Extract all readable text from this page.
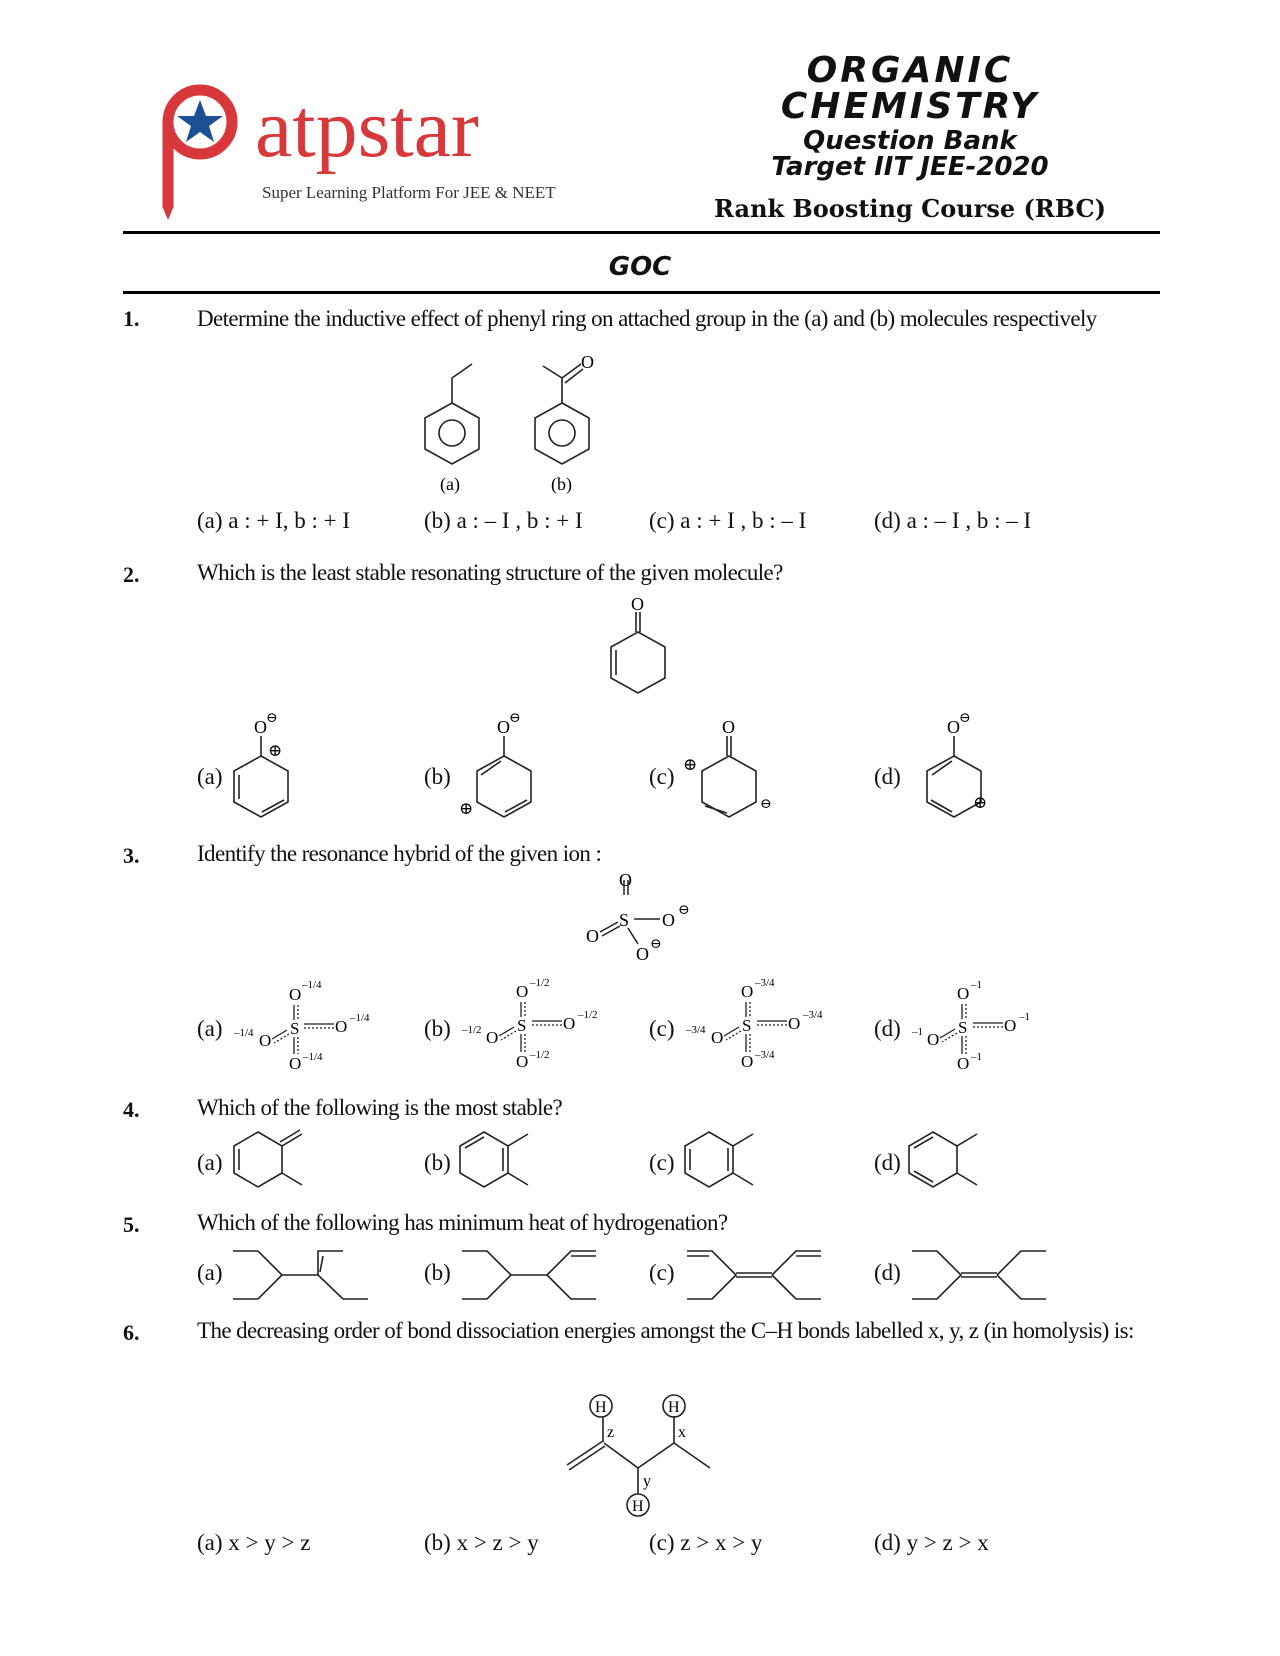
atpstar
Super Learning Platform For JEE & NEET
ORGANIC
CHEMISTRY
Question Bank
Target IIT JEE-2020
Rank Boosting Course (RBC)
GOC
1.	Determine the inductive effect of phenyl ring on attached group in the (a) and (b) molecules respectively
O
(a)	(b)
(a) a : + I, b : + I	(b) a : – I , b : + I	(c) a : + I , b : – I	(d) a : – I , b : – I
2.	Which is the least stable resonating structure of the given molecule?
O
O ⊖
⊕
O ⊖
⊕
O
⊕
⊖
O ⊖
⊕
(a)	(b)	(c)	(d)
3.	Identify the resonance hybrid of the given ion :
O
S O ⊖
O
O ⊖
O –1/4
S O –1/4
O
–1/4
O –1/4
O –1/2
S O –1/2
O
–1/2
O –1/2
O –3/4
S O –3/4
O
–3/4
O –3/4
O –1
S O –1
O
–1
O –1
(a)	(b)	(c)	(d)
4.	Which of the following is the most stable?
(a)	(b)	(c)	(d)
5.	Which of the following has minimum heat of hydrogenation?
(a)	(b)	(c)	(d)
6.	The decreasing order of bond dissociation energies amongst the C–H bonds labelled x, y, z (in homolysis) is:
H
z
H
x
y
H
(a) x > y > z	(b) x > z > y	(c) z > x > y	(d) y > z > x
